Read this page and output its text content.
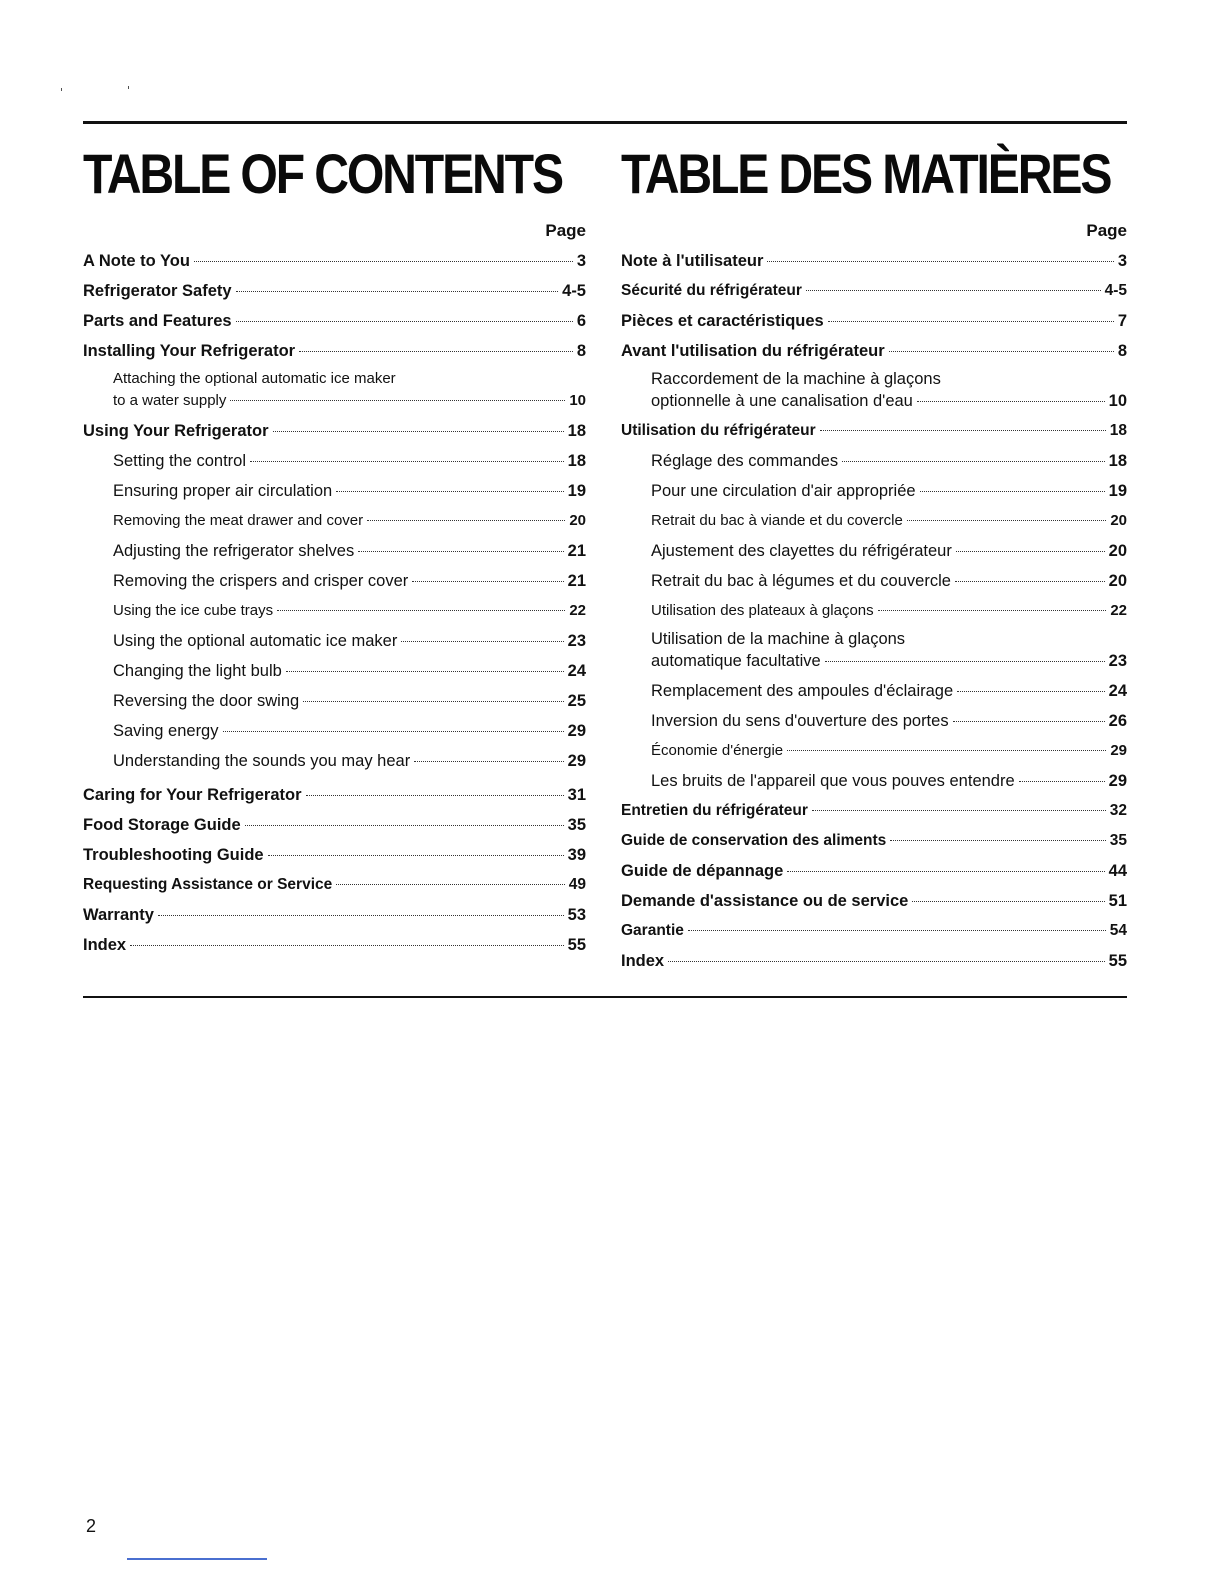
'	'
TABLE OF CONTENTS
Page
A Note to You	3
Refrigerator Safety	4-5
Parts and Features	6
Installing Your Refrigerator	8
Attaching the optional automatic ice maker
to a water supply	10
Using Your Refrigerator	18
Setting the control	18
Ensuring proper air circulation	19
Removing the meat drawer and cover	20
Adjusting the refrigerator shelves	21
Removing the crispers and crisper cover	21
Using the ice cube trays	22
Using the optional automatic ice maker	23
Changing the light bulb	24
Reversing the door swing	25
Saving energy	29
Understanding the sounds you may hear	29
Caring for Your Refrigerator	31
Food Storage Guide	35
Troubleshooting Guide	39
Requesting Assistance or Service	49
Warranty	53
Index	55
TABLE DES MATIÈRES
Page
Note à l'utilisateur	3
Sécurité du réfrigérateur	4-5
Pièces et caractéristiques	7
Avant l'utilisation du réfrigérateur	8
Raccordement de la machine à glaçons
optionnelle à une canalisation d'eau	10
Utilisation du réfrigérateur	18
Réglage des commandes	18
Pour une circulation d'air appropriée	19
Retrait du bac à viande et du covercle	20
Ajustement des clayettes du réfrigérateur	20
Retrait du bac à légumes et du couvercle	20
Utilisation des plateaux à glaçons	22
Utilisation de la machine à glaçons
automatique facultative	23
Remplacement des ampoules d'éclairage	24
Inversion du sens d'ouverture des portes	26
Économie d'énergie	29
Les bruits de l'appareil que vous pouves entendre	29
Entretien du réfrigérateur	32
Guide de conservation des aliments	35
Guide de dépannage	44
Demande d'assistance ou de service	51
Garantie	54
Index	55
2
